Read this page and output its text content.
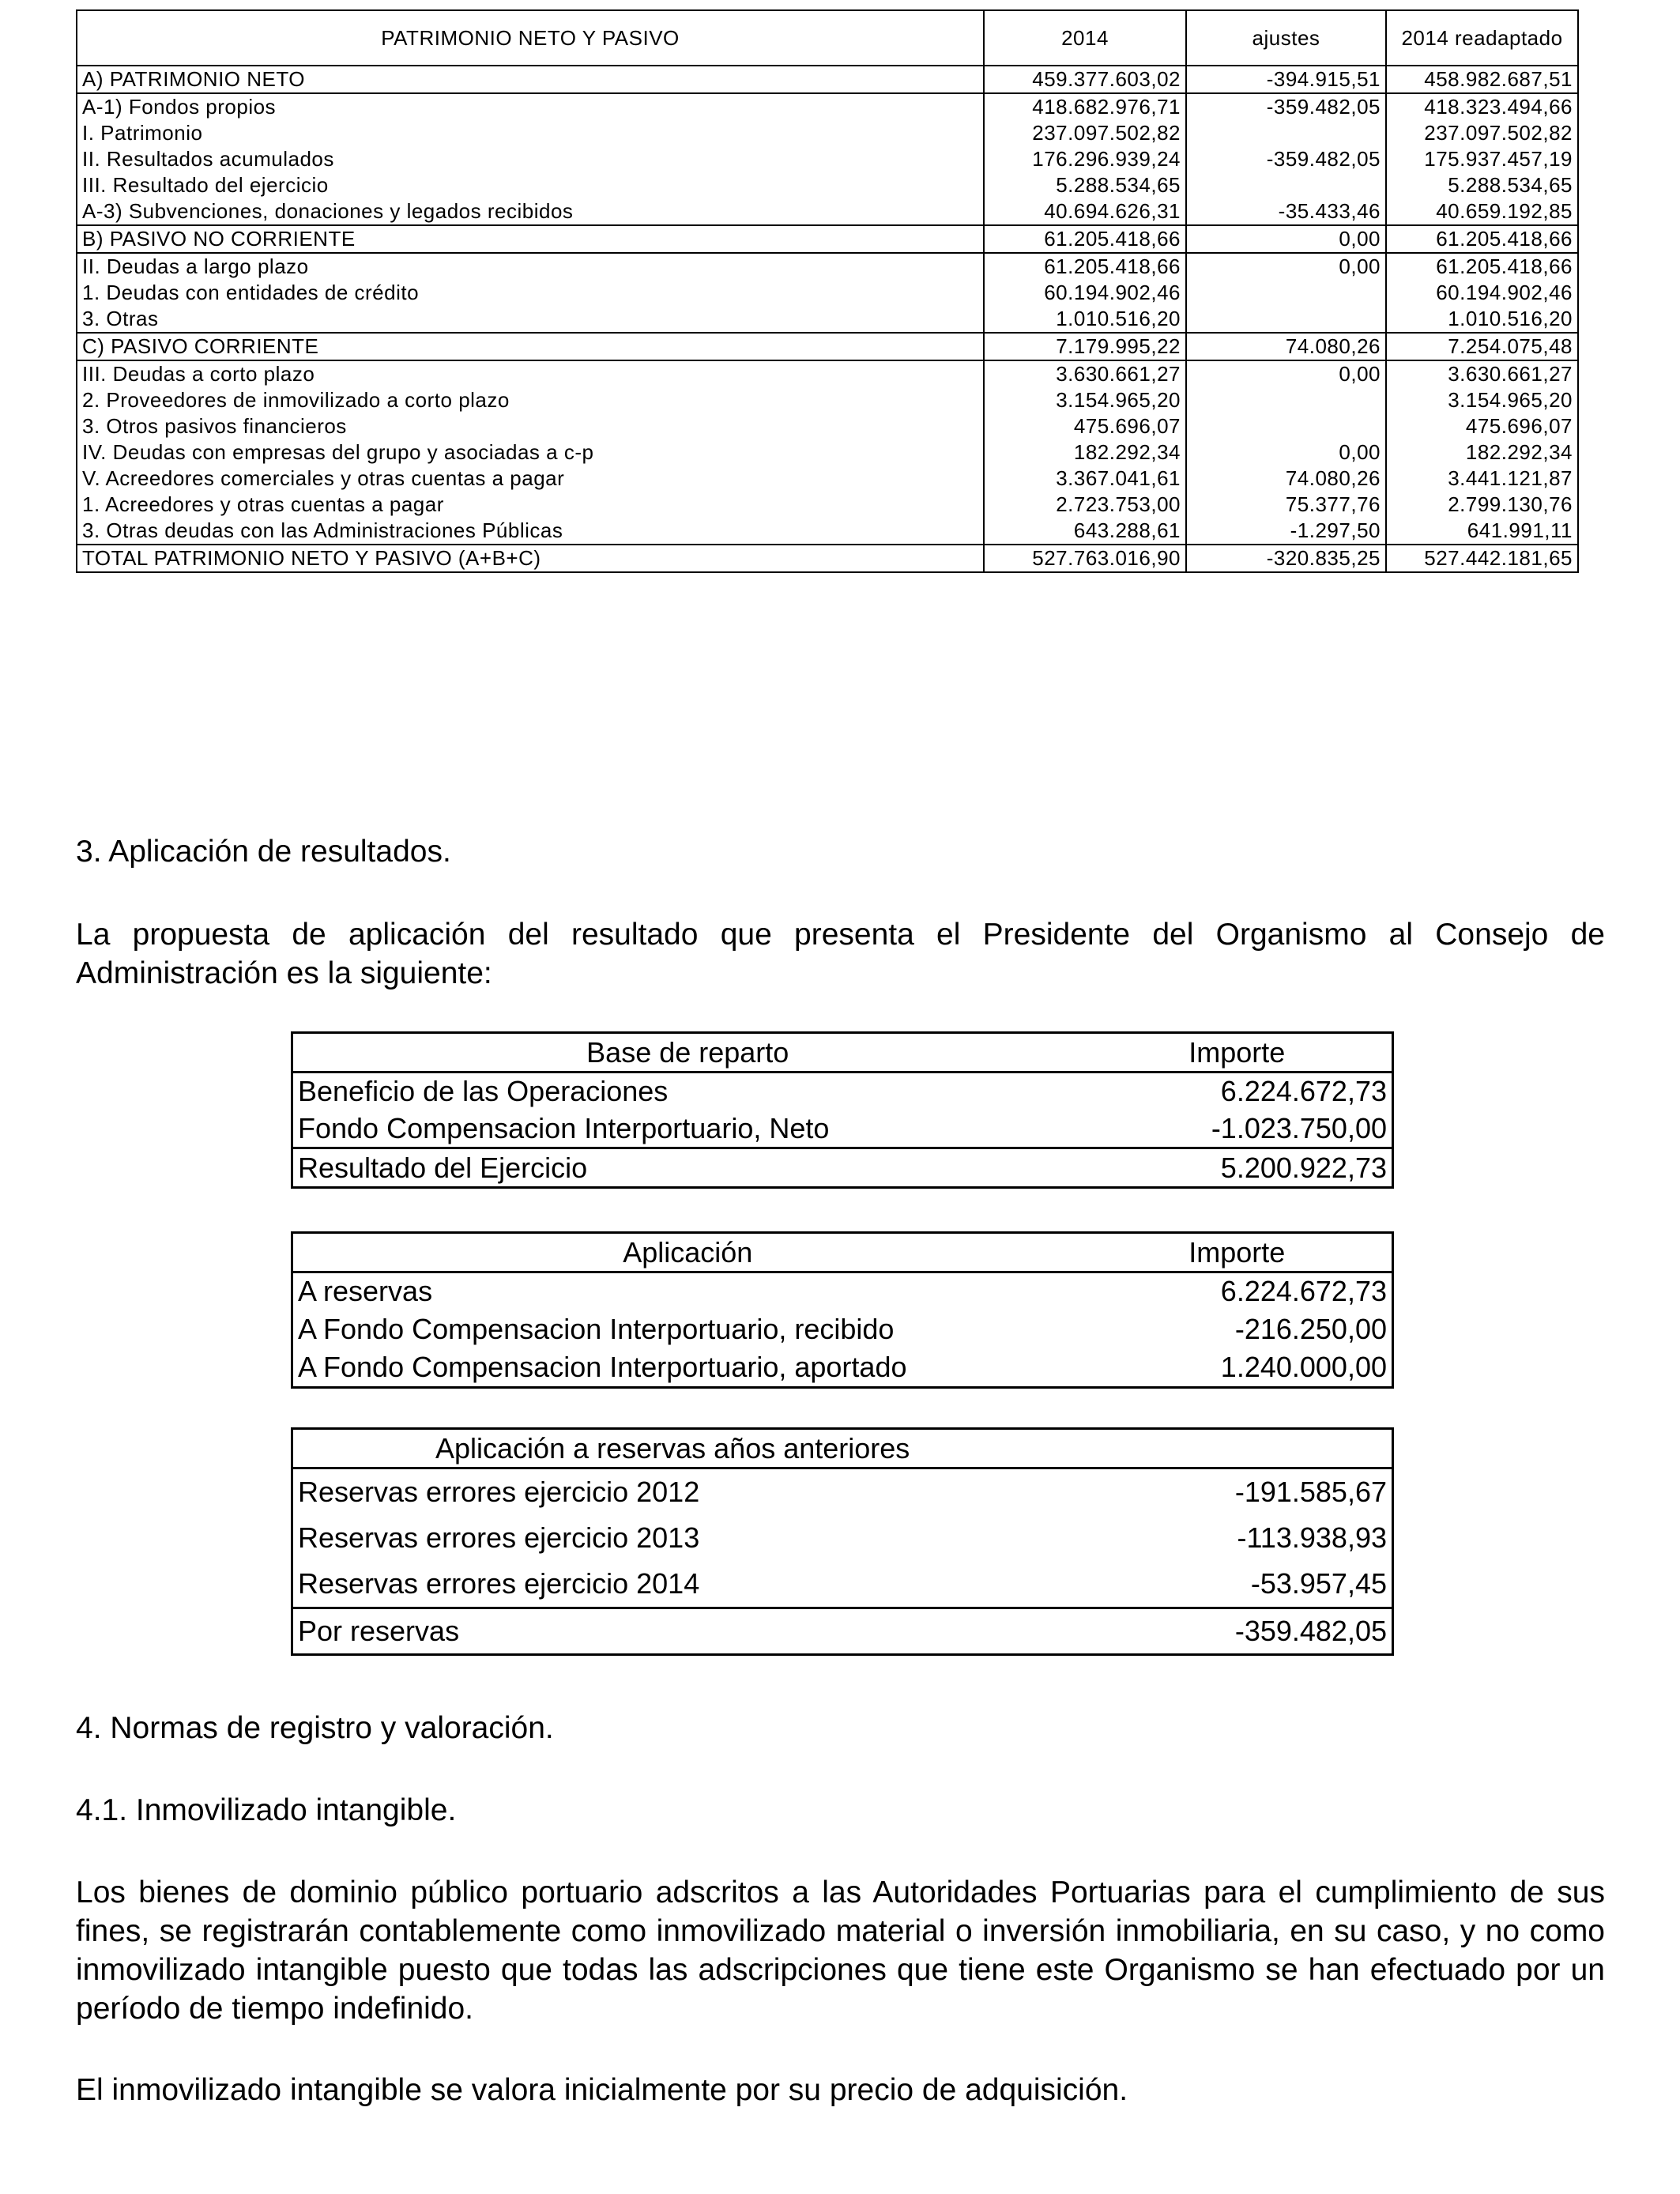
PATRIMONIO NETO Y PASIVO	2014	ajustes	2014 readaptado
A) PATRIMONIO NETO	459.377.603,02	-394.915,51	458.982.687,51

A-1) Fondos propios	418.682.976,71	-359.482,05	418.323.494,66
I. Patrimonio	237.097.502,82		237.097.502,82
II. Resultados acumulados	176.296.939,24	-359.482,05	175.937.457,19
III. Resultado del ejercicio	5.288.534,65		5.288.534,65

A-3) Subvenciones, donaciones y legados recibidos	40.694.626,31	-35.433,46	40.659.192,85
B) PASIVO NO CORRIENTE	61.205.418,66	0,00	61.205.418,66

II. Deudas a largo plazo	61.205.418,66	0,00	61.205.418,66
1. Deudas con entidades de crédito	60.194.902,46		60.194.902,46
3. Otras	1.010.516,20		1.010.516,20

C) PASIVO CORRIENTE	7.179.995,22	74.080,26	7.254.075,48

III. Deudas a corto plazo	3.630.661,27	0,00	3.630.661,27
2. Proveedores de inmovilizado a corto plazo	3.154.965,20		3.154.965,20
3. Otros pasivos financieros	475.696,07		475.696,07

IV. Deudas con empresas del grupo y asociadas a c-p	182.292,34	0,00	182.292,34

V. Acreedores comerciales y otras cuentas a pagar	3.367.041,61	74.080,26	3.441.121,87
1. Acreedores y otras cuentas a pagar	2.723.753,00	75.377,76	2.799.130,76
3. Otras deudas con las Administraciones Públicas	643.288,61	-1.297,50	641.991,11
TOTAL PATRIMONIO NETO Y PASIVO (A+B+C)	527.763.016,90	-320.835,25	527.442.181,65

3. Aplicación de resultados.

La propuesta de aplicación del resultado que presenta el Presidente del Organismo al Consejo de Administración es la siguiente:

Base de reparto	Importe
Beneficio de las Operaciones	6.224.672,73
Fondo Compensacion Interportuario, Neto	-1.023.750,00
Resultado del Ejercicio	5.200.922,73
Aplicación	Importe
A reservas	6.224.672,73
A Fondo Compensacion Interportuario, recibido	-216.250,00
A Fondo Compensacion Interportuario, aportado	1.240.000,00
Aplicación a reservas años anteriores	
Reservas errores ejercicio 2012	-191.585,67
Reservas errores ejercicio 2013	-113.938,93
Reservas errores ejercicio 2014	-53.957,45
Por reservas	-359.482,05

4. Normas de registro y valoración.

4.1. Inmovilizado intangible.

Los bienes de dominio público portuario adscritos a las Autoridades Portuarias para el cumplimiento de sus fines, se registrarán contablemente como inmovilizado material o inversión inmobiliaria, en su caso, y no como inmovilizado intangible puesto que todas las adscripciones que tiene este Organismo se han efectuado por un período de tiempo indefinido.

El inmovilizado intangible se valora inicialmente por su precio de adquisición.
